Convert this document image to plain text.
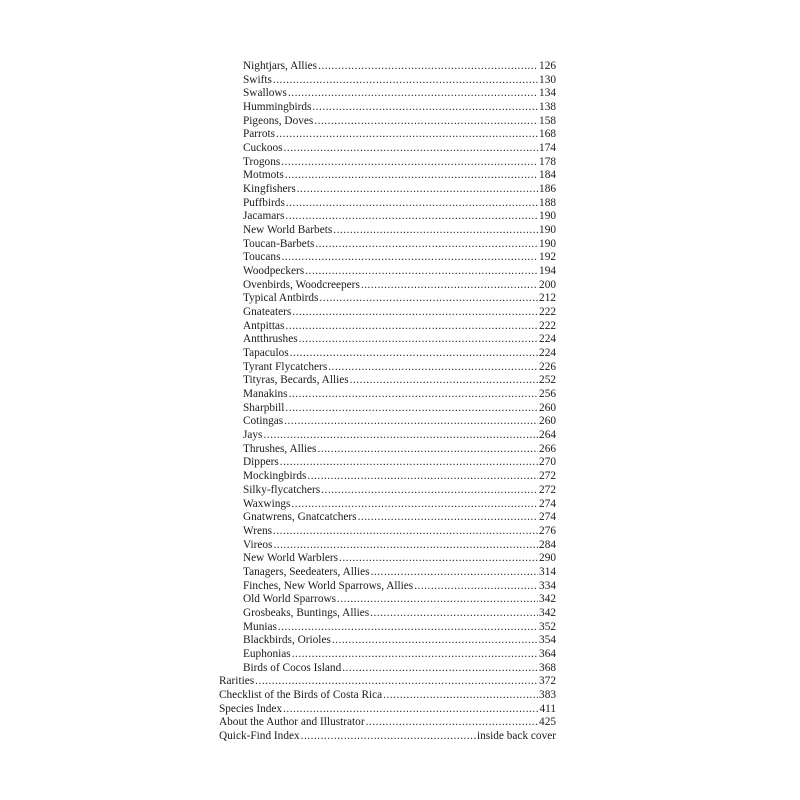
Nightjars, Allies .....	126
Swifts .....	130
Swallows .....	134
Hummingbirds .....	138
Pigeons, Doves .....	158
Parrots .....	168
Cuckoos .....	174
Trogons .....	178
Motmots .....	184
Kingfishers .....	186
Puffbirds .....	188
Jacamars .....	190
New World Barbets .....	190
Toucan-Barbets .....	190
Toucans .....	192
Woodpeckers .....	194
Ovenbirds, Woodcreepers .....	200
Typical Antbirds .....	212
Gnateaters .....	222
Antpittas .....	222
Antthrushes .....	224
Tapaculos .....	224
Tyrant Flycatchers .....	226
Tityras, Becards, Allies .....	252
Manakins .....	256
Sharpbill .....	260
Cotingas .....	260
Jays .....	264
Thrushes, Allies .....	266
Dippers .....	270
Mockingbirds .....	272
Silky-flycatchers .....	272
Waxwings .....	274
Gnatwrens, Gnatcatchers .....	274
Wrens .....	276
Vireos .....	284
New World Warblers .....	290
Tanagers, Seedeaters, Allies .....	314
Finches, New World Sparrows, Allies .....	334
Old World Sparrows .....	342
Grosbeaks, Buntings, Allies .....	342
Munias .....	352
Blackbirds, Orioles .....	354
Euphonias .....	364
Birds of Cocos Island .....	368
Rarities .....	372
Checklist of the Birds of Costa Rica .....	383
Species Index .....	411
About the Author and Illustrator .....	425
Quick-Find Index .....	inside back cover
